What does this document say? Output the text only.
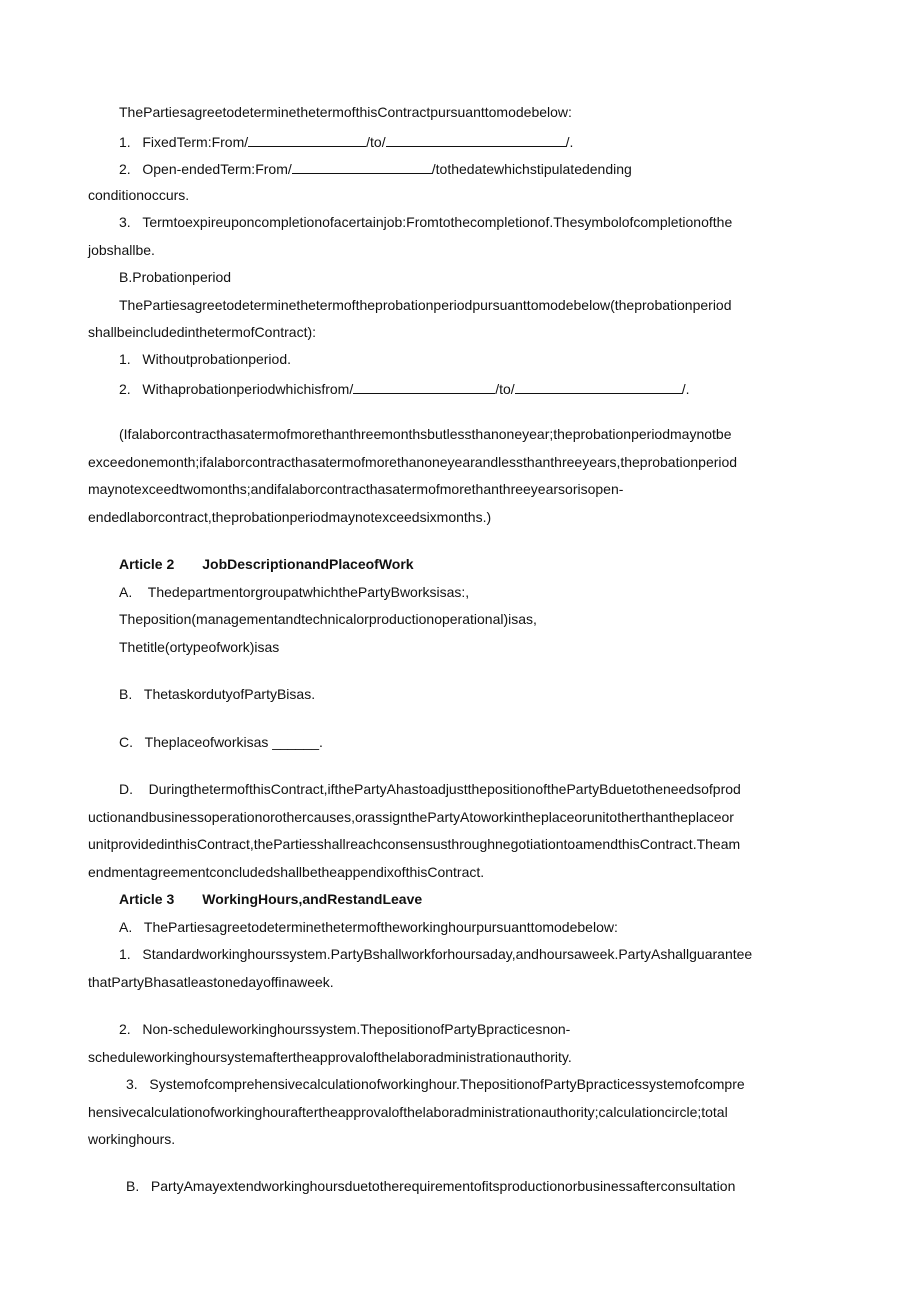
ThePartiesagreetodeterminethetermofthisContractpursuanttomodebelow:
1. FixedTerm:From/	/to/	/.
2. Open-endedTerm:From/	/tothedatewhichstipulatedending
conditionoccurs.
3. Termtoexpireuponcompletionofacertainjob:Fromtothecompletionof.Thesymbolofcompletionofthe
jobshallbe.
B.Probationperiod
ThePartiesagreetodeterminethetermoftheprobationperiodpursuanttomodebelow(theprobationperiod
shallbeincludedinthetermofContract):
1. Withoutprobationperiod.
2. Withaprobationperiodwhichisfrom/	/to/	/.
(Ifalaborcontracthasatermofmorethanthreemonthsbutlessthanoneyear;theprobationperiodmaynotbe
exceedonemonth;ifalaborcontracthasatermofmorethanoneyearandlessthanthreeyears,theprobationperiod
maynotexceedtwomonths;andifalaborcontracthasatermofmorethanthreeyearsorisopen-
endedlaborcontract,theprobationperiodmaynotexceedsixmonths.)
Article 2 JobDescriptionandPlaceofWork
A. ThedepartmentorgroupatwhichthePartyBworksisas:,
Theposition(managementandtechnicalorproductionoperational)isas,
Thetitle(ortypeofwork)isas
B. ThetaskordutyofPartyBisas.
C. Theplaceofworkisas ______.
D. DuringthetermofthisContract,ifthePartyAhastoadjustthepositionofthePartyBduetotheneedsofprod
uctionandbusinessoperationorothercauses,orassignthePartyAtoworkintheplaceorunitotherthantheplaceor
unitprovidedinthisContract,thePartiesshallreachconsensusthroughnegotiationtoamendthisContract.Theam
endmentagreementconcludedshallbetheappendixofthisContract.
Article 3 WorkingHours,andRestandLeave
A. ThePartiesagreetodeterminethetermoftheworkinghourpursuanttomodebelow:
1. Standardworkinghourssystem.PartyBshallworkforhoursaday,andhoursaweek.PartyAshallguarantee
thatPartyBhasatleastonedayoffinaweek.
2. Non-scheduleworkinghourssystem.ThepositionofPartyBpracticesnon-
scheduleworkinghoursystemaftertheapprovalofthelaboradministrationauthority.
3. Systemofcomprehensivecalculationofworkinghour.ThepositionofPartyBpracticessystemofcompre
hensivecalculationofworkinghouraftertheapprovalofthelaboradministrationauthority;calculationcircle;total
workinghours.
B. PartyAmayextendworkinghoursduetotherequirementofitsproductionorbusinessafterconsultation
